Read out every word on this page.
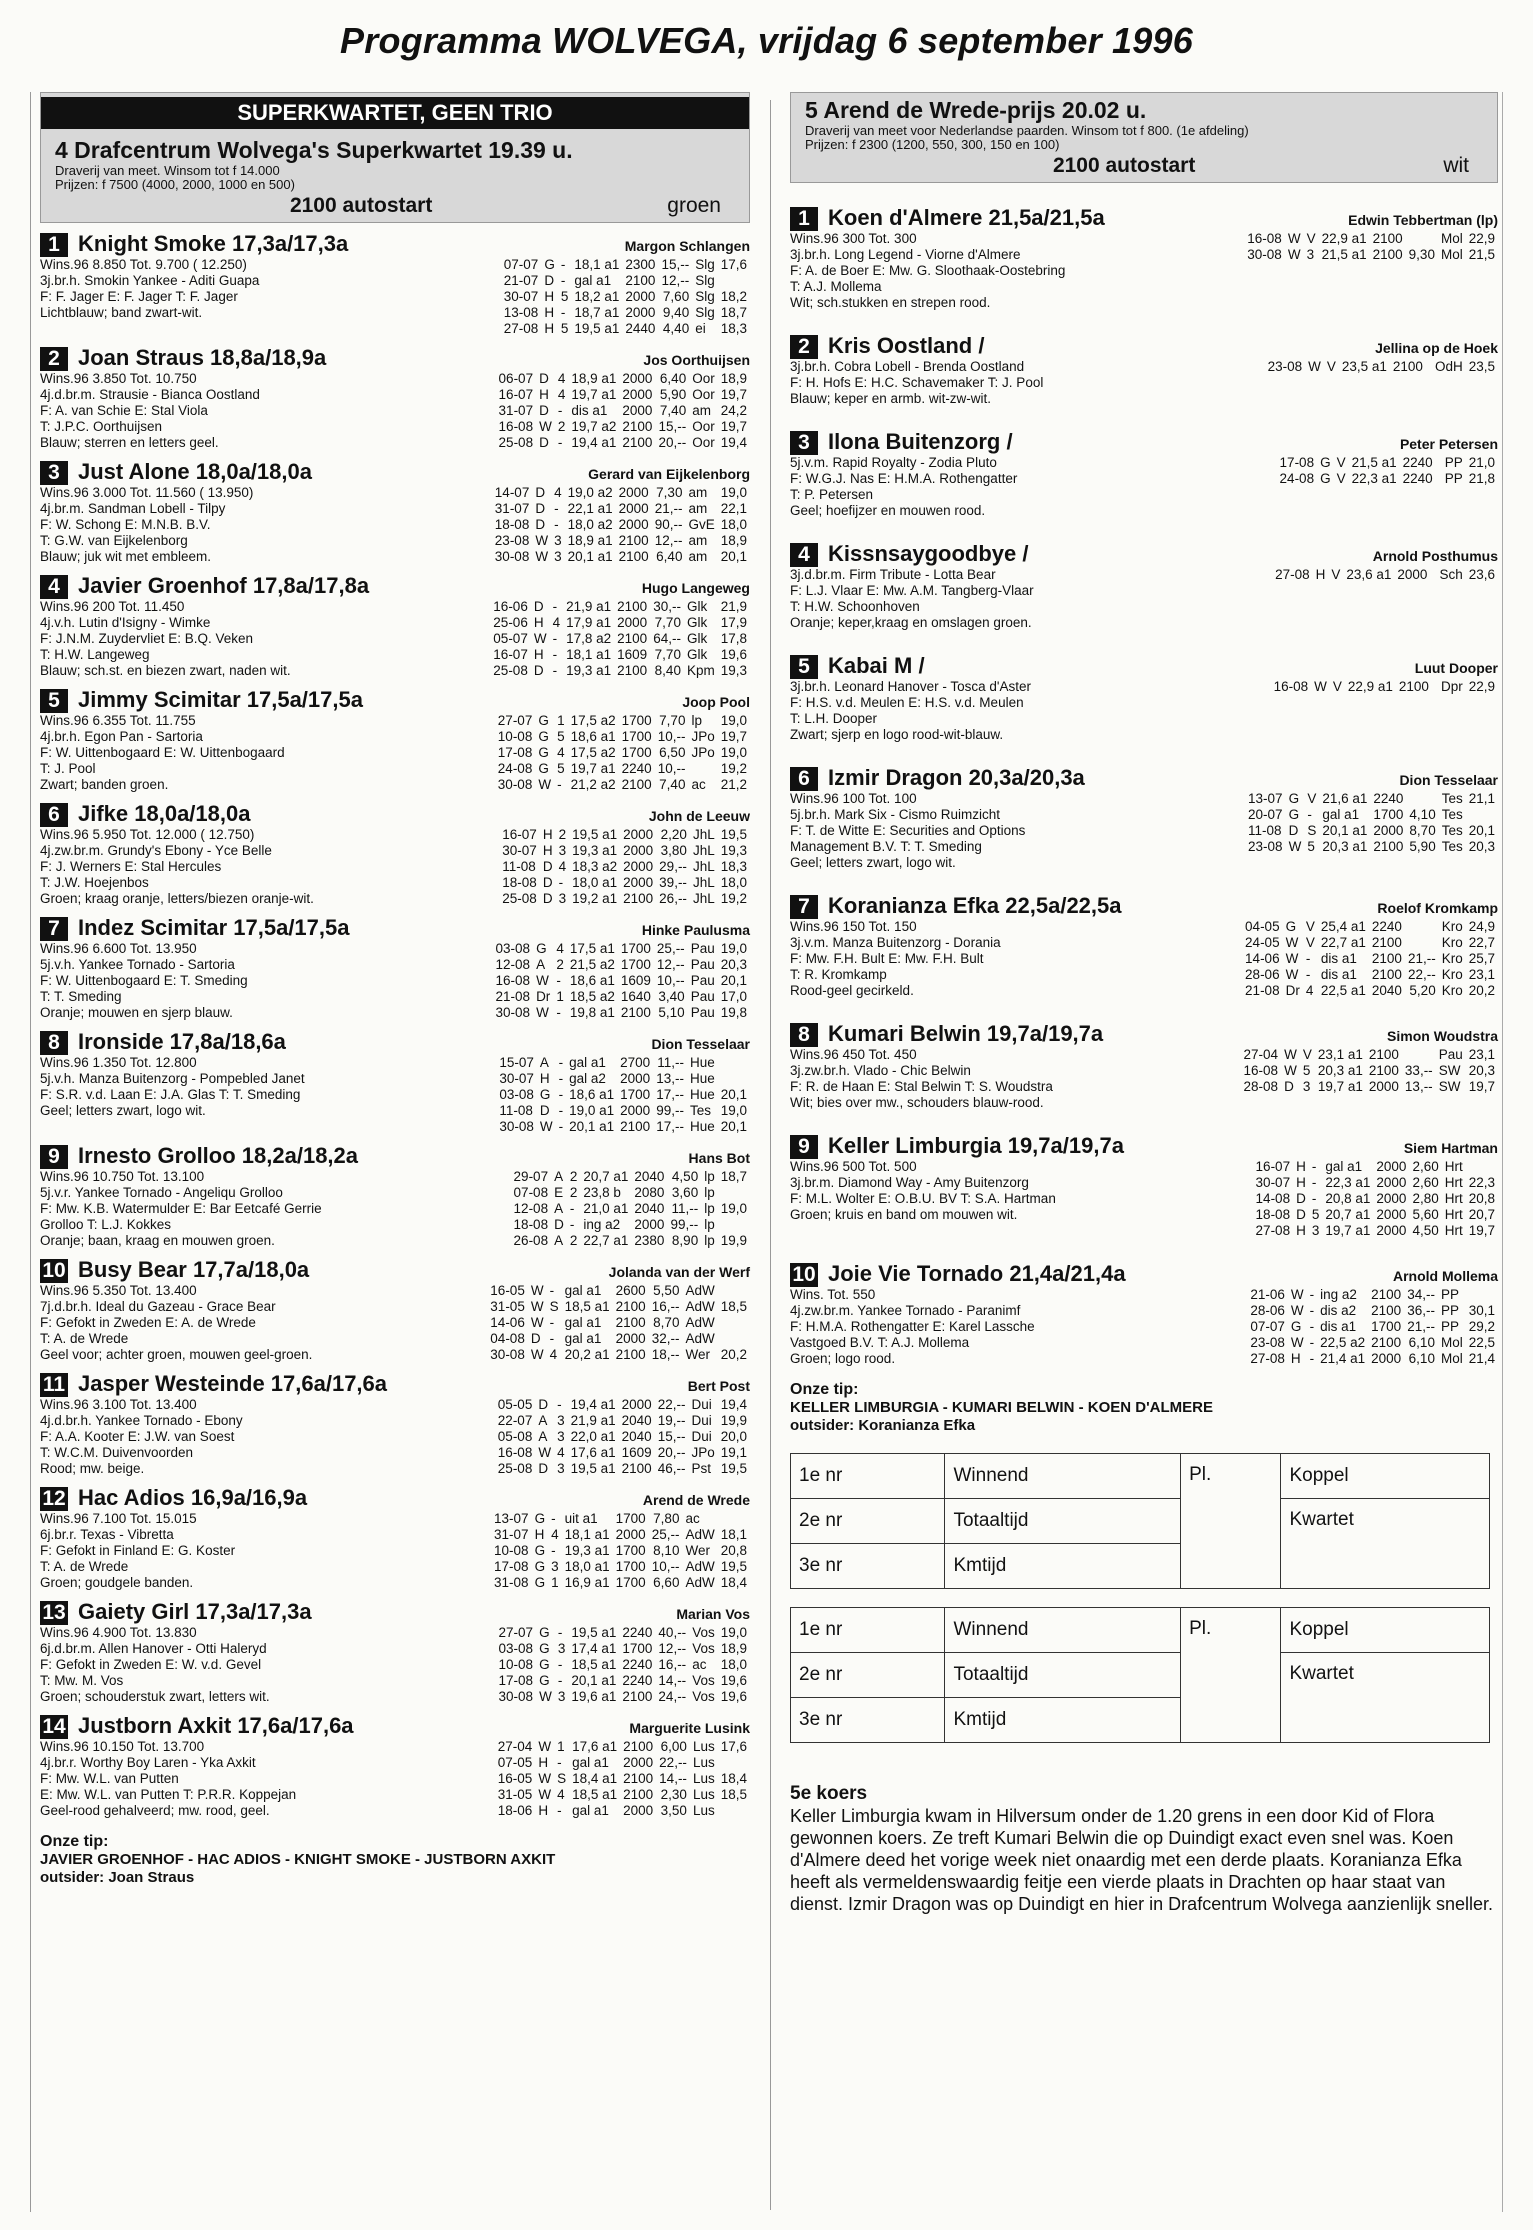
Programma WOLVEGA, vrijdag 6 september 1996
SUPERKWARTET, GEEN TRIO
4 Drafcentrum Wolvega's Superkwartet 19.39 u.
Draverij van meet. Winsom tot f 14.000
Prijzen: f 7500 (4000, 2000, 1000 en 500)
2100 autostart	groen
1 Knight Smoke 17,3a/17,3a	Margon Schlangen
Wins.96 8.850 Tot. 9.700 ( 12.250)
3j.br.h. Smokin Yankee - Aditi Guapa
F: F. Jager E: F. Jager T: F. Jager
Lichtblauw; band zwart-wit.
07-07	G	-	18,1 a1	2300	15,--	Slg	17,6
21-07	D	-	gal a1	2100	12,--	Slg	
30-07	H	5	18,2 a1	2000	7,60	Slg	18,2
13-08	H	-	18,7 a1	2000	9,40	Slg	18,7
27-08	H	5	19,5 a1	2440	4,40	ei	18,3
2 Joan Straus 18,8a/18,9a	Jos Oorthuijsen
Wins.96 3.850 Tot. 10.750
4j.d.br.m. Strausie - Bianca Oostland
F: A. van Schie E: Stal Viola
T: J.P.C. Oorthuijsen
Blauw; sterren en letters geel.
06-07	D	4	18,9 a1	2000	6,40	Oor	18,9
16-07	H	4	19,7 a1	2000	5,90	Oor	19,7
31-07	D	-	dis a1	2000	7,40	am	24,2
16-08	W	2	19,7 a2	2100	15,--	Oor	19,7
25-08	D	-	19,4 a1	2100	20,--	Oor	19,4
3 Just Alone 18,0a/18,0a	Gerard van Eijkelenborg
Wins.96 3.000 Tot. 11.560 ( 13.950)
4j.br.m. Sandman Lobell - Tilpy
F: W. Schong E: M.N.B. B.V.
T: G.W. van Eijkelenborg
Blauw; juk wit met embleem.
14-07	D	4	19,0 a2	2000	7,30	am	19,0
31-07	D	-	22,1 a1	2000	21,--	am	22,1
18-08	D	-	18,0 a2	2000	90,--	GvE	18,0
23-08	W	3	18,9 a1	2100	12,--	am	18,9
30-08	W	3	20,1 a1	2100	6,40	am	20,1
4 Javier Groenhof 17,8a/17,8a	Hugo Langeweg
Wins.96 200 Tot. 11.450
4j.v.h. Lutin d'Isigny - Wimke
F: J.N.M. Zuydervliet E: B.Q. Veken
T: H.W. Langeweg
Blauw; sch.st. en biezen zwart, naden wit.
16-06	D	-	21,9 a1	2100	30,--	Glk	21,9
25-06	H	4	17,9 a1	2000	7,70	Glk	17,9
05-07	W	-	17,8 a2	2100	64,--	Glk	17,8
16-07	H	-	18,1 a1	1609	7,70	Glk	19,6
25-08	D	-	19,3 a1	2100	8,40	Kpm	19,3
5 Jimmy Scimitar 17,5a/17,5a	Joop Pool
Wins.96 6.355 Tot. 11.755
4j.br.h. Egon Pan - Sartoria
F: W. Uittenbogaard E: W. Uittenbogaard
T: J. Pool
Zwart; banden groen.
27-07	G	1	17,5 a2	1700	7,70	lp	19,0
10-08	G	5	18,6 a1	1700	10,--	JPo	19,7
17-08	G	4	17,5 a2	1700	6,50	JPo	19,0
24-08	G	5	19,7 a1	2240	10,--		19,2
30-08	W	-	21,2 a2	2100	7,40	ac	21,2
6 Jifke 18,0a/18,0a	John de Leeuw
Wins.96 5.950 Tot. 12.000 ( 12.750)
4j.zw.br.m. Grundy's Ebony - Yce Belle
F: J. Werners E: Stal Hercules
T: J.W. Hoejenbos
Groen; kraag oranje, letters/biezen oranje-wit.
16-07	H	2	19,5 a1	2000	2,20	JhL	19,5
30-07	H	3	19,3 a1	2000	3,80	JhL	19,3
11-08	D	4	18,3 a2	2000	29,--	JhL	18,3
18-08	D	-	18,0 a1	2000	39,--	JhL	18,0
25-08	D	3	19,2 a1	2100	26,--	JhL	19,2
7 Indez Scimitar 17,5a/17,5a	Hinke Paulusma
Wins.96 6.600 Tot. 13.950
5j.v.h. Yankee Tornado - Sartoria
F: W. Uittenbogaard E: T. Smeding
T: T. Smeding
Oranje; mouwen en sjerp blauw.
03-08	G	4	17,5 a1	1700	25,--	Pau	19,0
12-08	A	2	21,5 a2	1700	12,--	Pau	20,3
16-08	W	-	18,6 a1	1609	10,--	Pau	20,1
21-08	Dr	1	18,5 a2	1640	3,40	Pau	17,0
30-08	W	-	19,8 a1	2100	5,10	Pau	19,8
8 Ironside 17,8a/18,6a	Dion Tesselaar
Wins.96 1.350 Tot. 12.800
5j.v.h. Manza Buitenzorg - Pompebled Janet
F: S.R. v.d. Laan E: J.A. Glas T: T. Smeding
Geel; letters zwart, logo wit.
15-07	A	-	gal a1	2700	11,--	Hue	
30-07	H	-	gal a2	2000	13,--	Hue	
03-08	G	-	18,6 a1	1700	17,--	Hue	20,1
11-08	D	-	19,0 a1	2000	99,--	Tes	19,0
30-08	W	-	20,1 a1	2100	17,--	Hue	20,1
9 Irnesto Grolloo 18,2a/18,2a	Hans Bot
Wins.96 10.750 Tot. 13.100
5j.v.r. Yankee Tornado - Angeliqu Grolloo
F: Mw. K.B. Watermulder E: Bar Eetcafé Gerrie
Grolloo T: L.J. Kokkes
Oranje; baan, kraag en mouwen groen.
29-07	A	2	20,7 a1	2040	4,50	lp	18,7
07-08	E	2	23,8 b	2080	3,60	lp	
12-08	A	-	21,0 a1	2040	11,--	lp	19,0
18-08	D	-	ing a2	2000	99,--	lp	
26-08	A	2	22,7 a1	2380	8,90	lp	19,9
10 Busy Bear 17,7a/18,0a	Jolanda van der Werf
Wins.96 5.350 Tot. 13.400
7j.d.br.h. Ideal du Gazeau - Grace Bear
F: Gefokt in Zweden E: A. de Wrede
T: A. de Wrede
Geel voor; achter groen, mouwen geel-groen.
16-05	W	-	gal a1	2600	5,50	AdW	
31-05	W	S	18,5 a1	2100	16,--	AdW	18,5
14-06	W	-	gal a1	2100	8,70	AdW	
04-08	D	-	gal a1	2000	32,--	AdW	
30-08	W	4	20,2 a1	2100	18,--	Wer	20,2
11 Jasper Westeinde 17,6a/17,6a	Bert Post
Wins.96 3.100 Tot. 13.400
4j.d.br.h. Yankee Tornado - Ebony
F: A.A. Kooter E: J.W. van Soest
T: W.C.M. Duivenvoorden
Rood; mw. beige.
05-05	D	-	19,4 a1	2000	22,--	Dui	19,4
22-07	A	3	21,9 a1	2040	19,--	Dui	19,9
05-08	A	3	22,0 a1	2040	15,--	Dui	20,0
16-08	W	4	17,6 a1	1609	20,--	JPo	19,1
25-08	D	3	19,5 a1	2100	46,--	Pst	19,5
12 Hac Adios 16,9a/16,9a	Arend de Wrede
Wins.96 7.100 Tot. 15.015
6j.br.r. Texas - Vibretta
F: Gefokt in Finland E: G. Koster
T: A. de Wrede
Groen; goudgele banden.
13-07	G	-	uit a1	1700	7,80	ac	
31-07	H	4	18,1 a1	2000	25,--	AdW	18,1
10-08	G	-	19,3 a1	1700	8,10	Wer	20,8
17-08	G	3	18,0 a1	1700	10,--	AdW	19,5
31-08	G	1	16,9 a1	1700	6,60	AdW	18,4
13 Gaiety Girl 17,3a/17,3a	Marian Vos
Wins.96 4.900 Tot. 13.830
6j.d.br.m. Allen Hanover - Otti Haleryd
F: Gefokt in Zweden E: W. v.d. Gevel
T: Mw. M. Vos
Groen; schouderstuk zwart, letters wit.
27-07	G	-	19,5 a1	2240	40,--	Vos	19,0
03-08	G	3	17,4 a1	1700	12,--	Vos	18,9
10-08	G	-	18,5 a1	2240	16,--	ac	18,0
17-08	G	-	20,1 a1	2240	14,--	Vos	19,6
30-08	W	3	19,6 a1	2100	24,--	Vos	19,6
14 Justborn Axkit 17,6a/17,6a	Marguerite Lusink
Wins.96 10.150 Tot. 13.700
4j.br.r. Worthy Boy Laren - Yka Axkit
F: Mw. W.L. van Putten
E: Mw. W.L. van Putten T: P.R.R. Koppejan
Geel-rood gehalveerd; mw. rood, geel.
27-04	W	1	17,6 a1	2100	6,00	Lus	17,6
07-05	H	-	gal a1	2000	22,--	Lus	
16-05	W	S	18,4 a1	2100	14,--	Lus	18,4
31-05	W	4	18,5 a1	2100	2,30	Lus	18,5
18-06	H	-	gal a1	2000	3,50	Lus	
Onze tip:
JAVIER GROENHOF - HAC ADIOS - KNIGHT SMOKE - JUSTBORN AXKIT
outsider: Joan Straus
5 Arend de Wrede-prijs 20.02 u.
Draverij van meet voor Nederlandse paarden. Winsom tot f 800. (1e afdeling)
Prijzen: f 2300 (1200, 550, 300, 150 en 100)
2100 autostart	wit
1 Koen d'Almere 21,5a/21,5a	Edwin Tebbertman (lp)
Wins.96 300 Tot. 300
3j.br.h. Long Legend - Viorne d'Almere
F: A. de Boer E: Mw. G. Slоothaak-Oostebring
T: A.J. Mollema
Wit; sch.stukken en strepen rood.
16-08	W	V	22,9 a1	2100		Mol	22,9
30-08	W	3	21,5 a1	2100	9,30	Mol	21,5
2 Kris Oostland /	Jellina op de Hoek
3j.br.h. Cobra Lobell - Brenda Oostland
F: H. Hofs E: H.C. Schavemaker T: J. Pool
Blauw; keper en armb. wit-zw-wit.
23-08	W	V	23,5 a1	2100		OdH	23,5
3 Ilona Buitenzorg /	Peter Petersen
5j.v.m. Rapid Royalty - Zodia Pluto
F: W.G.J. Nas E: H.M.A. Rothengatter
T: P. Petersen
Geel; hoefijzer en mouwen rood.
17-08	G	V	21,5 a1	2240		PP	21,0
24-08	G	V	22,3 a1	2240		PP	21,8
4 Kissnsaygoodbye /	Arnold Posthumus
3j.d.br.m. Firm Tribute - Lotta Bear
F: L.J. Vlaar E: Mw. A.M. Tangberg-Vlaar
T: H.W. Schoonhoven
Oranje; keper,kraag en omslagen groen.
27-08	H	V	23,6 a1	2000		Sch	23,6
5 Kabai M /	Luut Dooper
3j.br.h. Leonard Hanover - Tosca d'Aster
F: H.S. v.d. Meulen E: H.S. v.d. Meulen
T: L.H. Dooper
Zwart; sjerp en logo rood-wit-blauw.
16-08	W	V	22,9 a1	2100		Dpr	22,9
6 Izmir Dragon 20,3a/20,3a	Dion Tesselaar
Wins.96 100 Tot. 100
5j.br.h. Mark Six - Cismo Ruimzicht
F: T. de Witte E: Securities and Options
Management B.V. T: T. Smeding
Geel; letters zwart, logo wit.
13-07	G	V	21,6 a1	2240		Tes	21,1
20-07	G	-	gal a1	1700	4,10	Tes	
11-08	D	S	20,1 a1	2000	8,70	Tes	20,1
23-08	W	5	20,3 a1	2100	5,90	Tes	20,3
7 Koranianza Efka 22,5a/22,5a	Roelof Kromkamp
Wins.96 150 Tot. 150
3j.v.m. Manza Buitenzorg - Dorania
F: Mw. F.H. Bult E: Mw. F.H. Bult
T: R. Kromkamp
Rood-geel gecirkeld.
04-05	G	V	25,4 a1	2240		Kro	24,9
24-05	W	V	22,7 a1	2100		Kro	22,7
14-06	W	-	dis a1	2100	21,--	Kro	25,7
28-06	W	-	dis a1	2100	22,--	Kro	23,1
21-08	Dr	4	22,5 a1	2040	5,20	Kro	20,2
8 Kumari Belwin 19,7a/19,7a	Simon Woudstra
Wins.96 450 Tot. 450
3j.zw.br.h. Vlado - Chic Belwin
F: R. de Haan E: Stal Belwin T: S. Woudstra
Wit; bies over mw., schouders blauw-rood.
27-04	W	V	23,1 a1	2100		Pau	23,1
16-08	W	5	20,3 a1	2100	33,--	SW	20,3
28-08	D	3	19,7 a1	2000	13,--	SW	19,7
9 Keller Limburgia 19,7a/19,7a	Siem Hartman
Wins.96 500 Tot. 500
3j.br.m. Diamond Way - Amy Buitenzorg
F: M.L. Wolter E: O.B.U. BV T: S.A. Hartman
Groen; kruis en band om mouwen wit.
16-07	H	-	gal a1	2000	2,60	Hrt	
30-07	H	-	22,3 a1	2000	2,60	Hrt	22,3
14-08	D	-	20,8 a1	2000	2,80	Hrt	20,8
18-08	D	5	20,7 a1	2000	5,60	Hrt	20,7
27-08	H	3	19,7 a1	2000	4,50	Hrt	19,7
10 Joie Vie Tornado 21,4a/21,4a	Arnold Mollema
Wins. Tot. 550
4j.zw.br.m. Yankee Tornado - Paranimf
F: H.M.A. Rothengatter E: Karel Lassche
Vastgoed B.V. T: A.J. Mollema
Groen; logo rood.
21-06	W	-	ing a2	2100	34,--	PP	
28-06	W	-	dis a2	2100	36,--	PP	30,1
07-07	G	-	dis a1	1700	21,--	PP	29,2
23-08	W	-	22,5 a2	2100	6,10	Mol	22,5
27-08	H	-	21,4 a1	2000	6,10	Mol	21,4
Onze tip:
KELLER LIMBURGIA - KUMARI BELWIN - KOEN D'ALMERE
outsider: Koranianza Efka
1e nr	Winnend	Pl.	Koppel
2e nr	Totaaltijd		Kwartet
3e nr	Kmtijd		
1e nr	Winnend	Pl.	Koppel
2e nr	Totaaltijd		Kwartet
3e nr	Kmtijd		
5e koers
Keller Limburgia kwam in Hilversum onder de 1.20 grens in een door Kid of Flora gewonnen koers. Ze treft Kumari Belwin die op Duindigt exact even snel was. Koen d'Almere deed het vorige week niet onaardig met een derde plaats. Koranianza Efka heeft als vermeldenswaardig feitje een vierde plaats in Drachten op haar staat van dienst. Izmir Dragon was op Duindigt en hier in Drafcentrum Wolvega aanzienlijk sneller.
